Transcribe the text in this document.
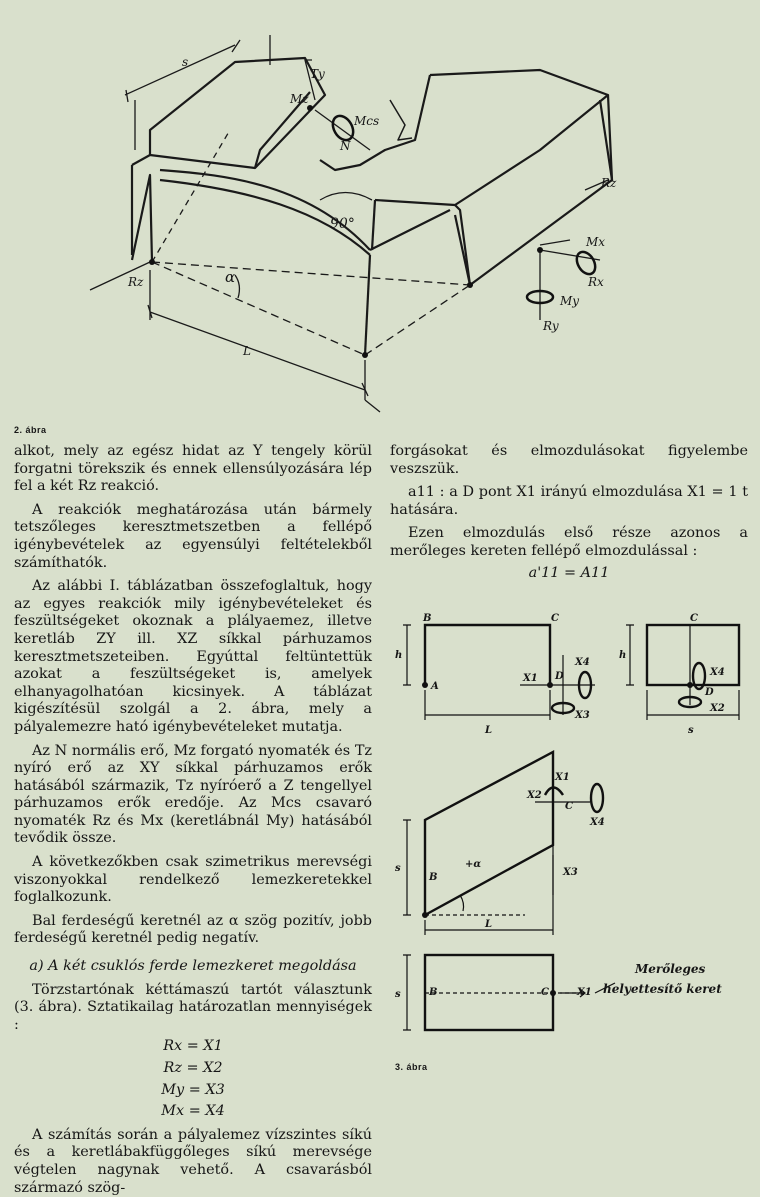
s
Ty
Mz
Mcs
N
90°
Rz
Rz
α
L
Mx
Rx
My
Ry
2. ábra

alkot, mely az egész hidat az Y tengely körül forgatni törekszik és ennek ellensúlyozására lép fel a két Rz reakció.

A reakciók meghatározása után bármely tetszőleges keresztmetszetben a fellépő igénybevételek az egyensúlyi feltételekből számíthatók.

Az alábbi I. táblázatban összefoglaltuk, hogy az egyes reakciók mily igénybevételeket és feszültségeket okoznak a plályaemez, illetve keretláb ZY ill. XZ síkkal párhuzamos keresztmetszeteiben. Egyúttal feltüntettük azokat a feszültségeket is, amelyek elhanyagolhatóan kicsinyek. A táblázat kigészítésül szolgál a 2. ábra, mely a pályalemezre ható igénybevételeket mutatja.

Az N normális erő, Mz forgató nyomaték és Tz nyíró erő az XY síkkal párhuzamos erők hatásából származik, Tz nyíróerő a Z tengellyel párhuzamos erők eredője. Az Mcs csavaró nyomaték Rz és Mx (keretlábnál My) hatásából tevődik össze.

A következőkben csak szimetrikus merevségi viszonyokkal rendelkező lemezkeretekkel foglalkozunk.

Bal ferdeségű keretnél az α szög pozitív, jobb ferdeségű keretnél pedig negatív.

a) A két csuklós ferde lemezkeret megoldása

Törzstartónak kéttámaszú tartót választunk (3. ábra). Sztatikailag határozatlan mennyiségek :

Rx = X1

Rz = X2

My = X3

Mx = X4

A számítás során a pályalemez vízszintes síkú és a keretlábakfüggőleges síkú merevsége végtelen nagynak vehető. A csavarásból származó szög-

forgásokat és elmozdulásokat figyelembe veszszük.

a11 : a D pont X1 irányú elmozdulása X1 = 1 t hatására.

Ezen elmozdulás első része azonos a merőleges kereten fellépő elmozdulással :

a'11 = A11

B	C
h
A
X1 D
X4
X3
L
C
h
X4
D
X2
s
X1
X2
C
X4
s
B
+α
X3
L
s	B	C	X1
Merőleges
helyettesítő keret
3. ábra
